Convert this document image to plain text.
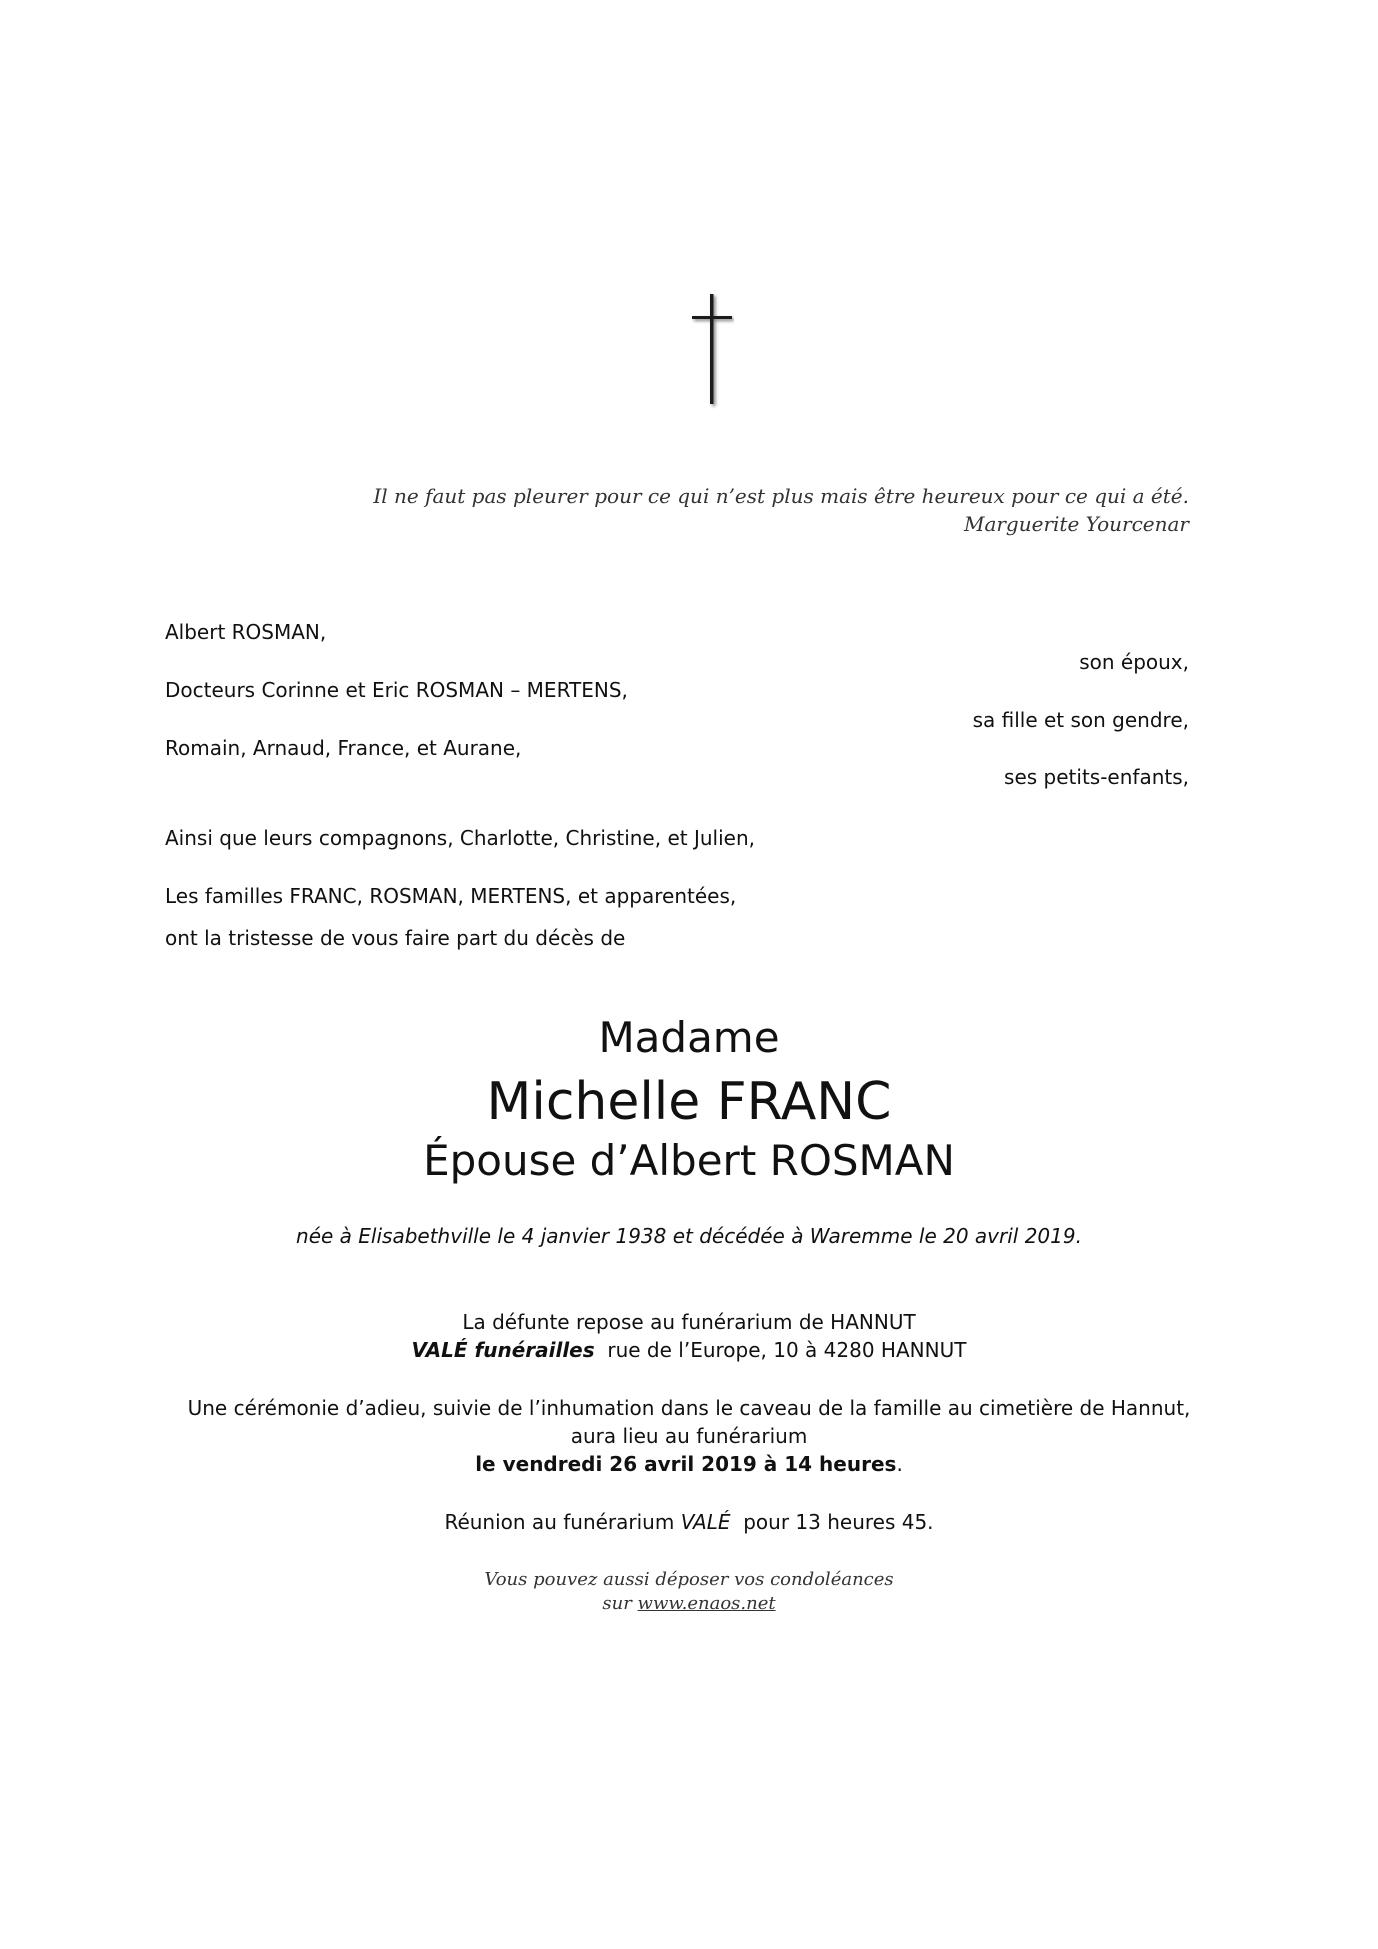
Il ne faut pas pleurer pour ce qui n’est plus mais être heureux pour ce qui a été.
Marguerite Yourcenar
Albert ROSMAN,
son époux,
Docteurs Corinne et Eric ROSMAN – MERTENS,
sa fille et son gendre,
Romain, Arnaud, France, et Aurane,
ses petits-enfants,
Ainsi que leurs compagnons, Charlotte, Christine, et Julien,
Les familles FRANC, ROSMAN, MERTENS, et apparentées,
ont la tristesse de vous faire part du décès de
Madame
Michelle FRANC
Épouse d’Albert ROSMAN
née à Elisabethville le 4 janvier 1938 et décédée à Waremme le 20 avril 2019.
La défunte repose au funérarium de HANNUT
VALÉ funérailles rue de l’Europe, 10 à 4280 HANNUT
Une cérémonie d’adieu, suivie de l’inhumation dans le caveau de la famille au cimetière de Hannut,
aura lieu au funérarium
le vendredi 26 avril 2019 à 14 heures.
Réunion au funérarium VALÉ pour 13 heures 45.
Vous pouvez aussi déposer vos condoléances
sur www.enaos.net
